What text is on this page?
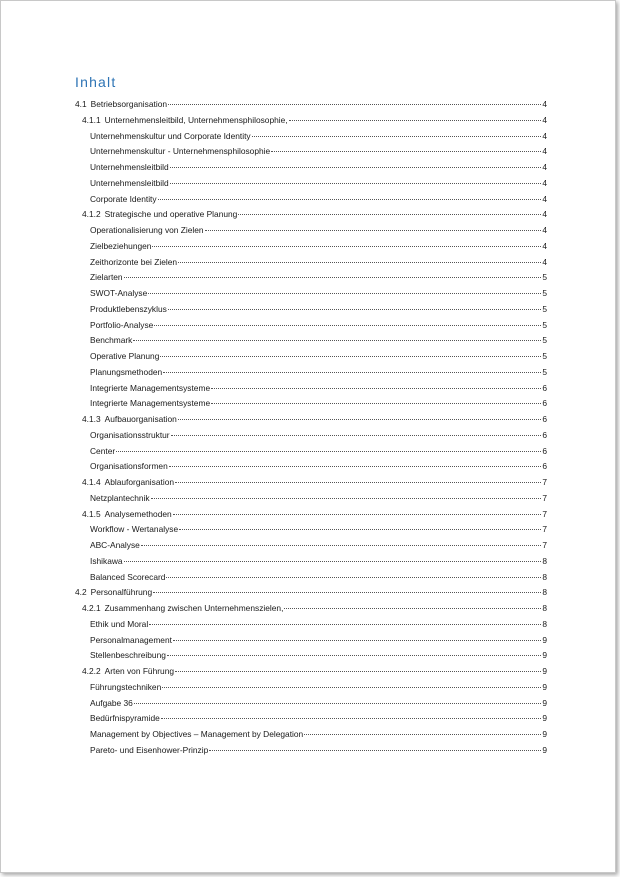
Inhalt
4.1 Betriebsorganisation	4
4.1.1 Unternehmensleitbild, Unternehmensphilosophie,	4
Unternehmenskultur und Corporate Identity	4
Unternehmenskultur - Unternehmensphilosophie	4
Unternehmensleitbild	4
Unternehmensleitbild	4
Corporate Identity	4
4.1.2 Strategische und operative Planung	4
Operationalisierung von Zielen	4
Zielbeziehungen	4
Zeithorizonte bei Zielen	4
Zielarten	5
SWOT-Analyse	5
Produktlebenszyklus	5
Portfolio-Analyse	5
Benchmark	5
Operative Planung	5
Planungsmethoden	5
Integrierte Managementsysteme	6
Integrierte Managementsysteme	6
4.1.3 Aufbauorganisation	6
Organisationsstruktur	6
Center	6
Organisationsformen	6
4.1.4 Ablauforganisation	7
Netzplantechnik	7
4.1.5 Analysemethoden	7
Workflow - Wertanalyse	7
ABC-Analyse	7
Ishikawa	8
Balanced Scorecard	8
4.2 Personalführung	8
4.2.1 Zusammenhang zwischen Unternehmenszielen,	8
Ethik und Moral	8
Personalmanagement	9
Stellenbeschreibung	9
4.2.2 Arten von Führung	9
Führungstechniken	9
Aufgabe 36	9
Bedürfnispyramide	9
Management by Objectives – Management by Delegation	9
Pareto- und Eisenhower-Prinzip	9
